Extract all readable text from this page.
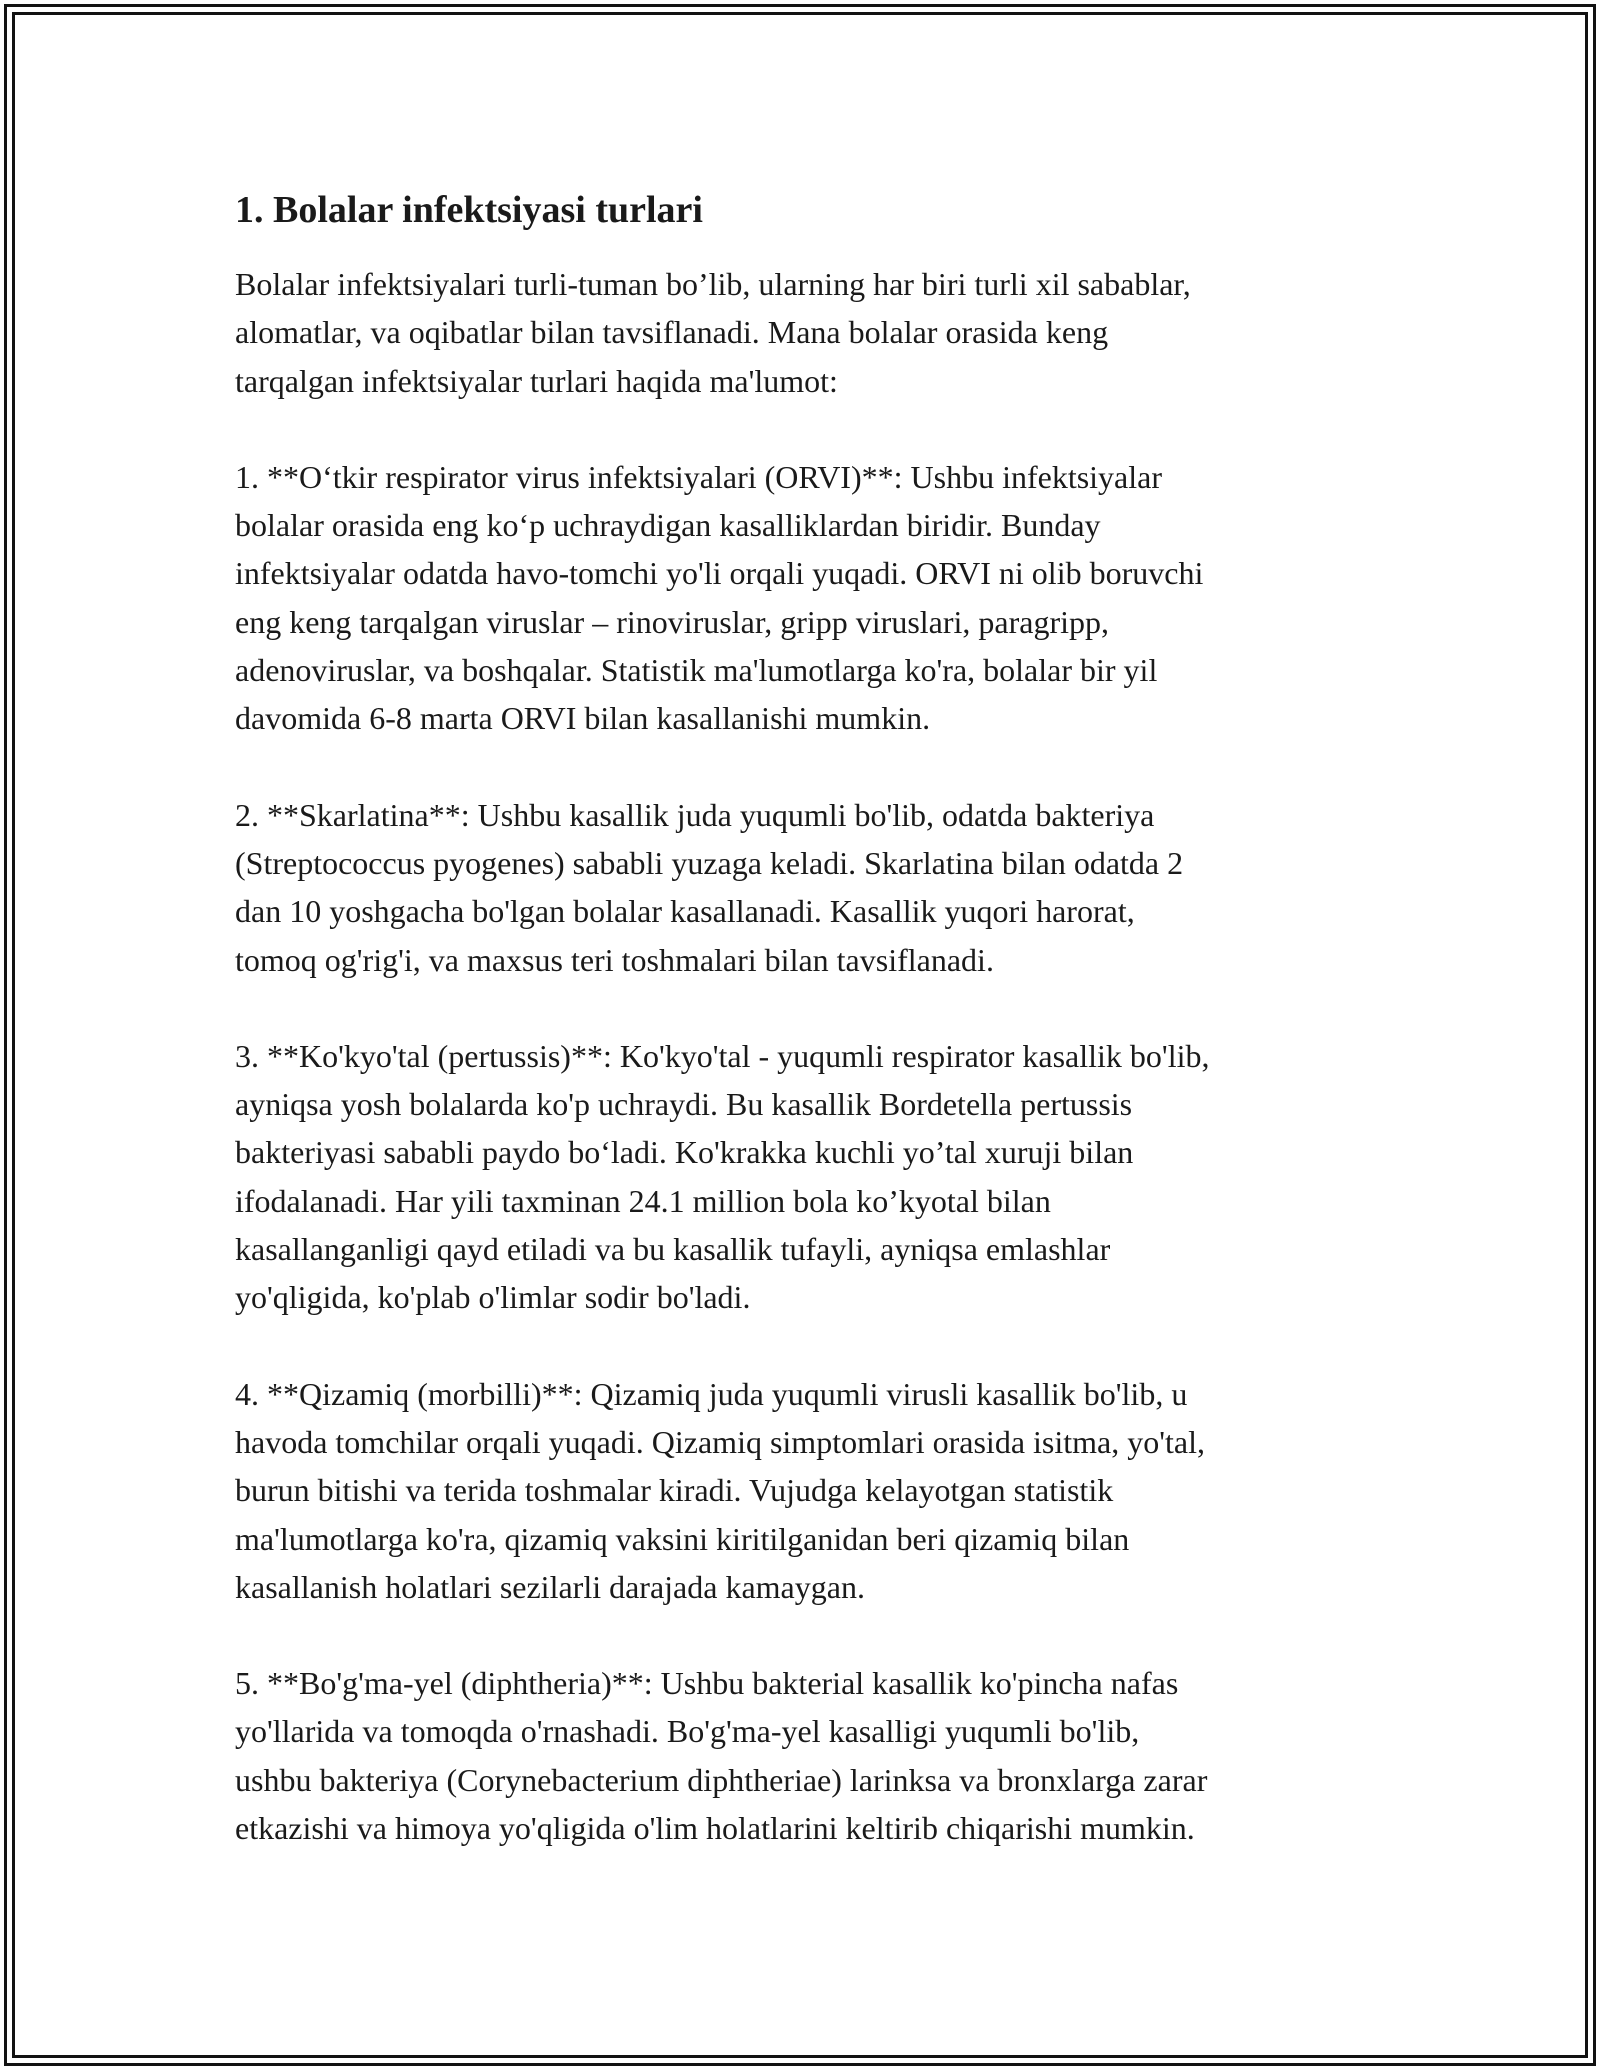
1. Bolalar infektsiyasi turlari

Bolalar infektsiyalari turli-tuman bo’lib, ularning har biri turli xil sabablar,
alomatlar, va oqibatlar bilan tavsiflanadi. Mana bolalar orasida keng
tarqalgan infektsiyalar turlari haqida ma'lumot:

1. **O‘tkir respirator virus infektsiyalari (ORVI)**: Ushbu infektsiyalar
bolalar orasida eng ko‘p uchraydigan kasalliklardan biridir. Bunday
infektsiyalar odatda havo-tomchi yo'li orqali yuqadi. ORVI ni olib boruvchi
eng keng tarqalgan viruslar – rinoviruslar, gripp viruslari, paragripp,
adenoviruslar, va boshqalar. Statistik ma'lumotlarga ko'ra, bolalar bir yil
davomida 6-8 marta ORVI bilan kasallanishi mumkin.

2. **Skarlatina**: Ushbu kasallik juda yuqumli bo'lib, odatda bakteriya
(Streptococcus pyogenes) sababli yuzaga keladi. Skarlatina bilan odatda 2
dan 10 yoshgacha bo'lgan bolalar kasallanadi. Kasallik yuqori harorat,
tomoq og'rig'i, va maxsus teri toshmalari bilan tavsiflanadi.

3. **Ko'kyo'tal (pertussis)**: Ko'kyo'tal - yuqumli respirator kasallik bo'lib,
ayniqsa yosh bolalarda ko'p uchraydi. Bu kasallik Bordetella pertussis
bakteriyasi sababli paydo bo‘ladi. Ko'krakka kuchli yo’tal xuruji bilan
ifodalanadi. Har yili taxminan 24.1 million bola ko’kyotal bilan
kasallanganligi qayd etiladi va bu kasallik tufayli, ayniqsa emlashlar
yo'qligida, ko'plab o'limlar sodir bo'ladi.

4. **Qizamiq (morbilli)**: Qizamiq juda yuqumli virusli kasallik bo'lib, u
havoda tomchilar orqali yuqadi. Qizamiq simptomlari orasida isitma, yo'tal,
burun bitishi va terida toshmalar kiradi. Vujudga kelayotgan statistik
ma'lumotlarga ko'ra, qizamiq vaksini kiritilganidan beri qizamiq bilan
kasallanish holatlari sezilarli darajada kamaygan.

5. **Bo'g'ma-yel (diphtheria)**: Ushbu bakterial kasallik ko'pincha nafas
yo'llarida va tomoqda o'rnashadi. Bo'g'ma-yel kasalligi yuqumli bo'lib,
ushbu bakteriya (Corynebacterium diphtheriae) larinksa va bronxlarga zarar
etkazishi va himoya yo'qligida o'lim holatlarini keltirib chiqarishi mumkin.
